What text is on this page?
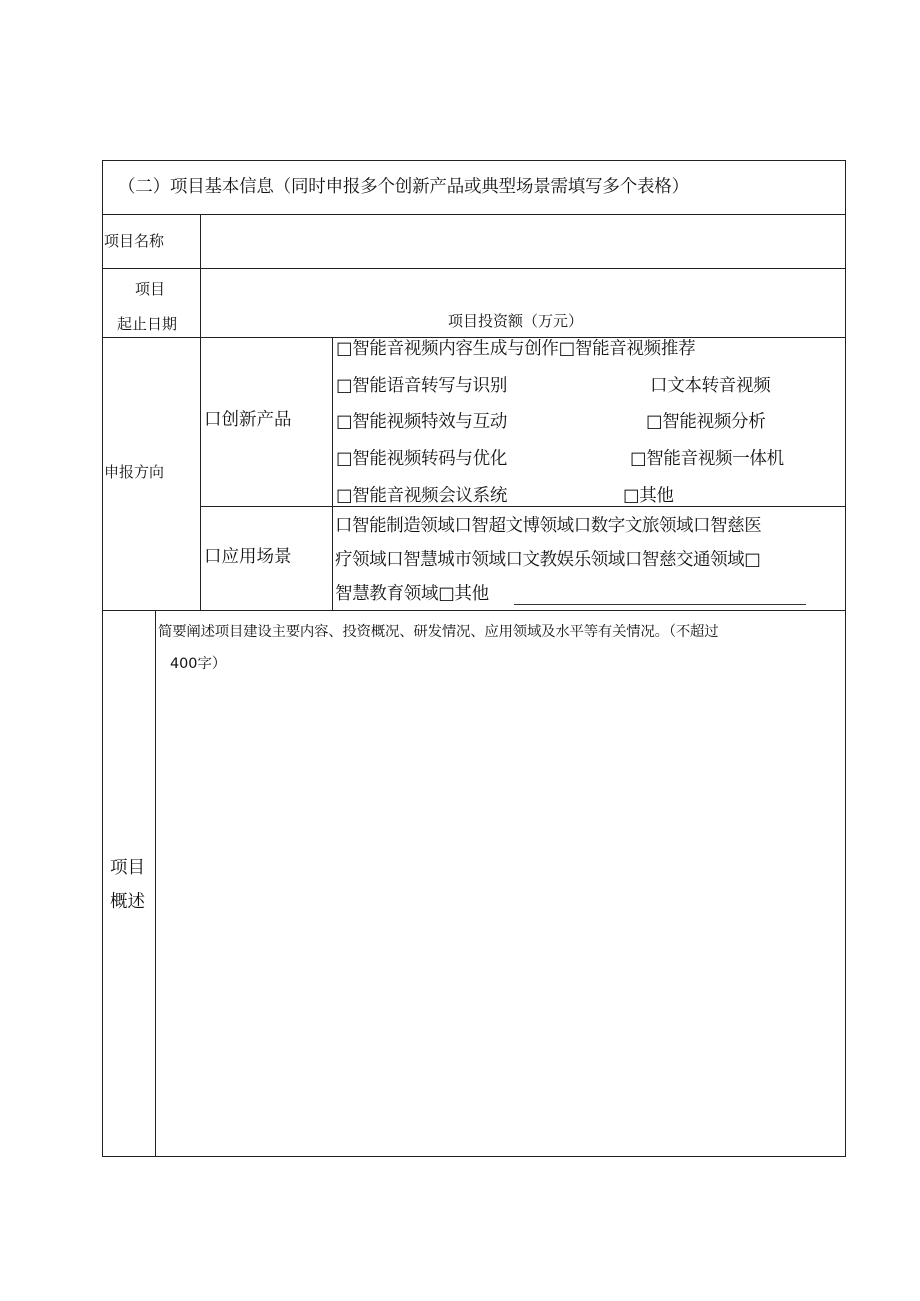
（二）项目基本信息（同时申报多个创新产品或典型场景需填写多个表格）
项目名称
项目
起止日期	项目投资额（万元）
申报方向
口创新产品
□智能音视频内容生成与创作□智能音视频推荐
□智能语音转写与识别
□智能视频特效与互动
□智能视频转码与优化
□智能音视频会议系统
口文本转音视频
□智能视频分析
□智能音视频一体机
□其他
口应用场景
口智能制造领域口智超文博领域口数字文旅领域口智慈医
疗领域口智慧城市领域口文教娱乐领域口智慈交通领域□
智慧教育领域□其他
项目
概述
简要阐述项目建设主要内容、投资概况、研发情况、应用领域及水平等有关情况。（不超过
400字）
